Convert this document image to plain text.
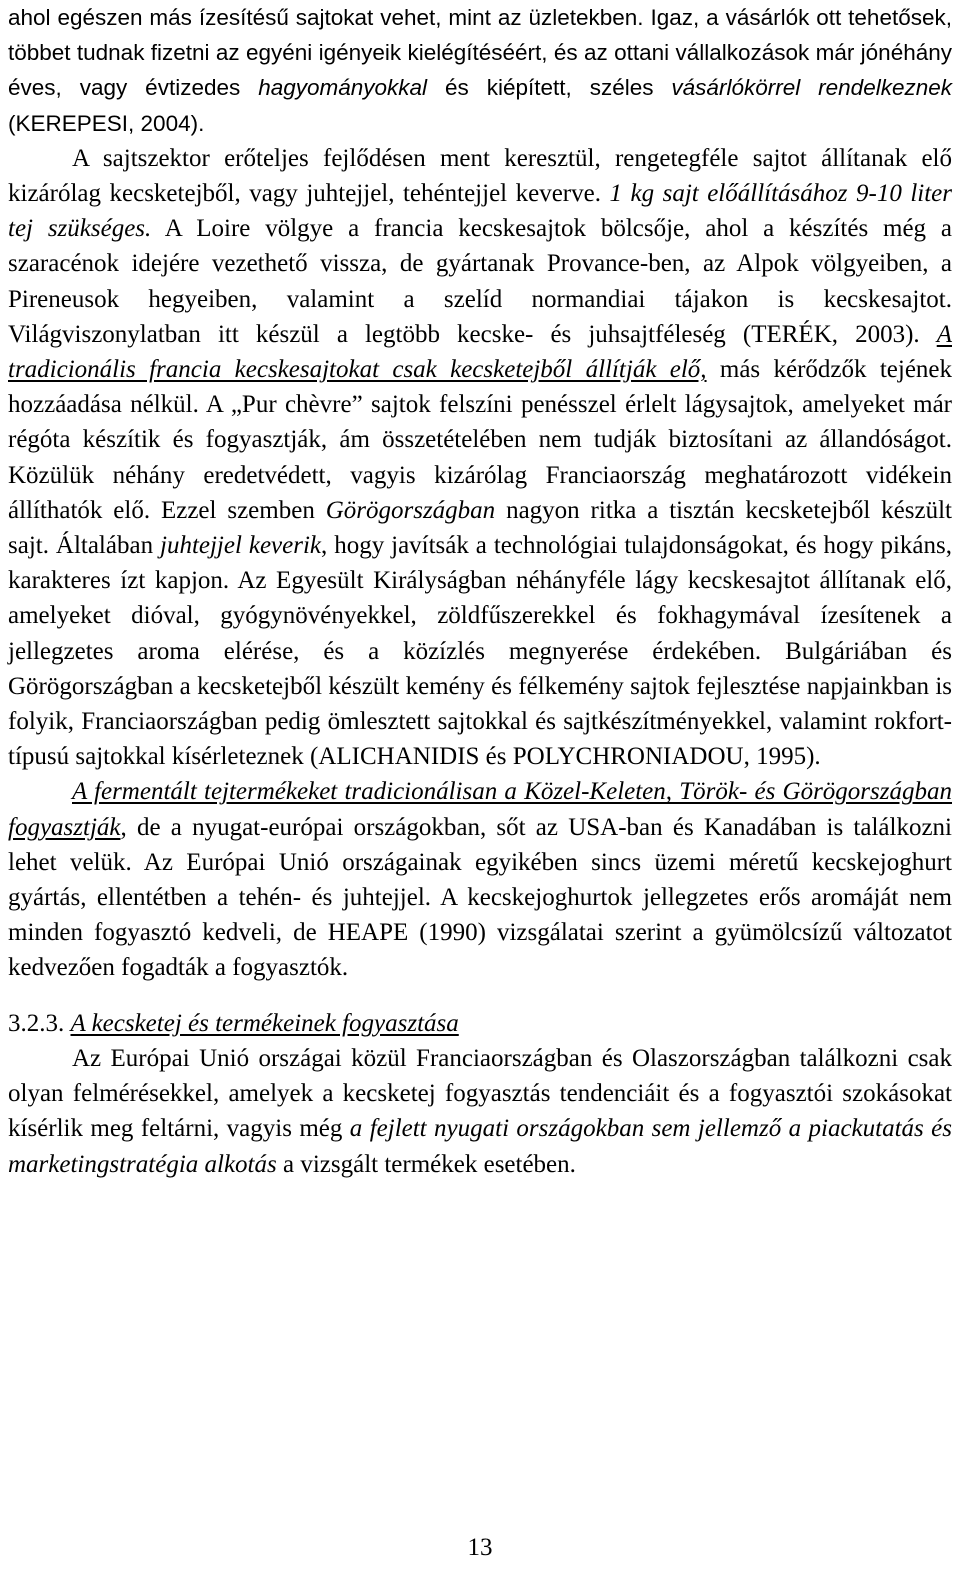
ahol egészen más ízesítésű sajtokat vehet, mint az üzletekben. Igaz, a vásárlók ott tehetősek, többet tudnak fizetni az egyéni igényeik kielégítéséért, és az ottani vállalkozások már jónéhány éves, vagy évtizedes hagyományokkal és kiépített, széles vásárlókörrel rendelkeznek (KEREPESI, 2004).

A sajtszektor erőteljes fejlődésen ment keresztül, rengetegféle sajtot állítanak elő kizárólag kecsketejből, vagy juhtejjel, tehéntejjel keverve. 1 kg sajt előállításához 9-10 liter tej szükséges. A Loire völgye a francia kecskesajtok bölcsője, ahol a készítés még a szaracénok idejére vezethető vissza, de gyártanak Provance-ben, az Alpok völgyeiben, a Pireneusok hegyeiben, valamint a szelíd normandiai tájakon is kecskesajtot. Világviszonylatban itt készül a legtöbb kecske- és juhsajtféleség (TERÉK, 2003). A tradicionális francia kecskesajtokat csak kecsketejből állítják elő, más kérődzők tejének hozzáadása nélkül. A „Pur chèvre” sajtok felszíni penésszel érlelt lágysajtok, amelyeket már régóta készítik és fogyasztják, ám összetételében nem tudják biztosítani az állandóságot. Közülük néhány eredetvédett, vagyis kizárólag Franciaország meghatározott vidékein állíthatók elő. Ezzel szemben Görögországban nagyon ritka a tisztán kecsketejből készült sajt. Általában juhtejjel keverik, hogy javítsák a technológiai tulajdonságokat, és hogy pikáns, karakteres ízt kapjon. Az Egyesült Királyságban néhányféle lágy kecskesajtot állítanak elő, amelyeket dióval, gyógynövényekkel, zöldfűszerekkel és fokhagymával ízesítenek a jellegzetes aroma elérése, és a közízlés megnyerése érdekében. Bulgáriában és Görögországban a kecsketejből készült kemény és félkemény sajtok fejlesztése napjainkban is folyik, Franciaországban pedig ömlesztett sajtokkal és sajtkészítményekkel, valamint rokfort-típusú sajtokkal kísérleteznek (ALICHANIDIS és POLYCHRONIADOU, 1995).

A fermentált tejtermékeket tradicionálisan a Közel-Keleten, Török- és Görögországban fogyasztják, de a nyugat-európai országokban, sőt az USA-ban és Kanadában is találkozni lehet velük. Az Európai Unió országainak egyikében sincs üzemi méretű kecskejoghurt gyártás, ellentétben a tehén- és juhtejjel. A kecskejoghurtok jellegzetes erős aromáját nem minden fogyasztó kedveli, de HEAPE (1990) vizsgálatai szerint a gyümölcsízű változatot kedvezően fogadták a fogyasztók.

3.2.3. A kecsketej és termékeinek fogyasztása

Az Európai Unió országai közül Franciaországban és Olaszországban találkozni csak olyan felmérésekkel, amelyek a kecsketej fogyasztás tendenciáit és a fogyasztói szokásokat kísérlik meg feltárni, vagyis még a fejlett nyugati országokban sem jellemző a piackutatás és marketingstratégia alkotás a vizsgált termékek esetében.

13
